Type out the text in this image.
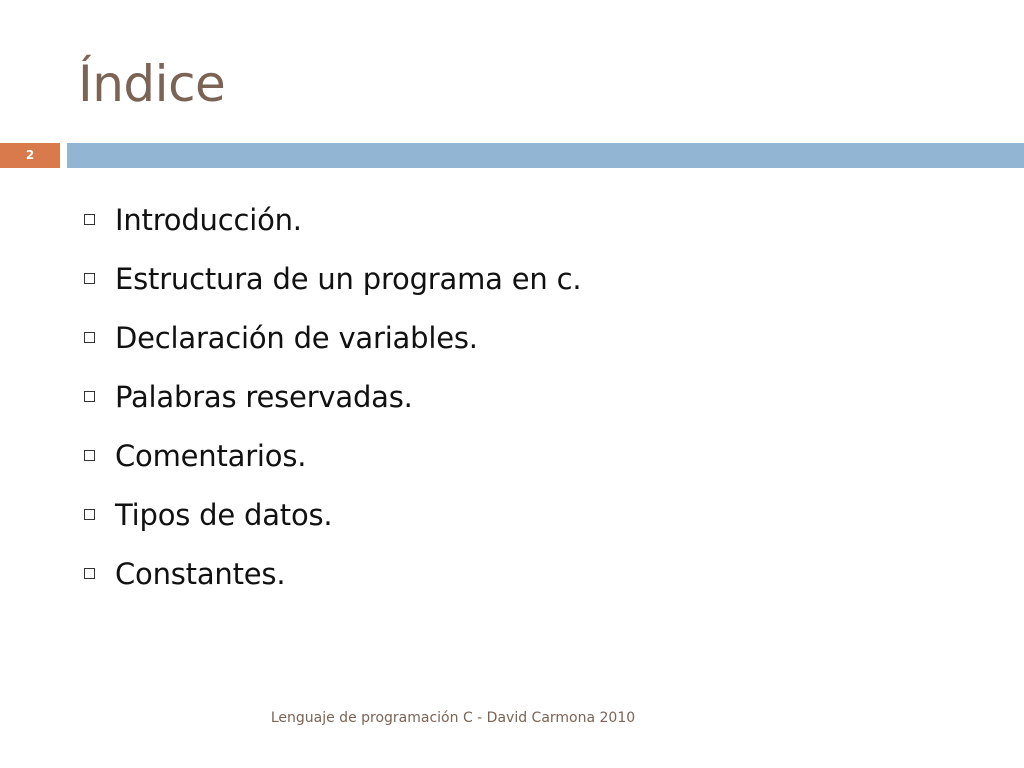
Índice
2
Introducción.
Estructura de un programa en c.
Declaración de variables.
Palabras reservadas.
Comentarios.
Tipos de datos.
Constantes.
Lenguaje de programación C - David Carmona 2010
